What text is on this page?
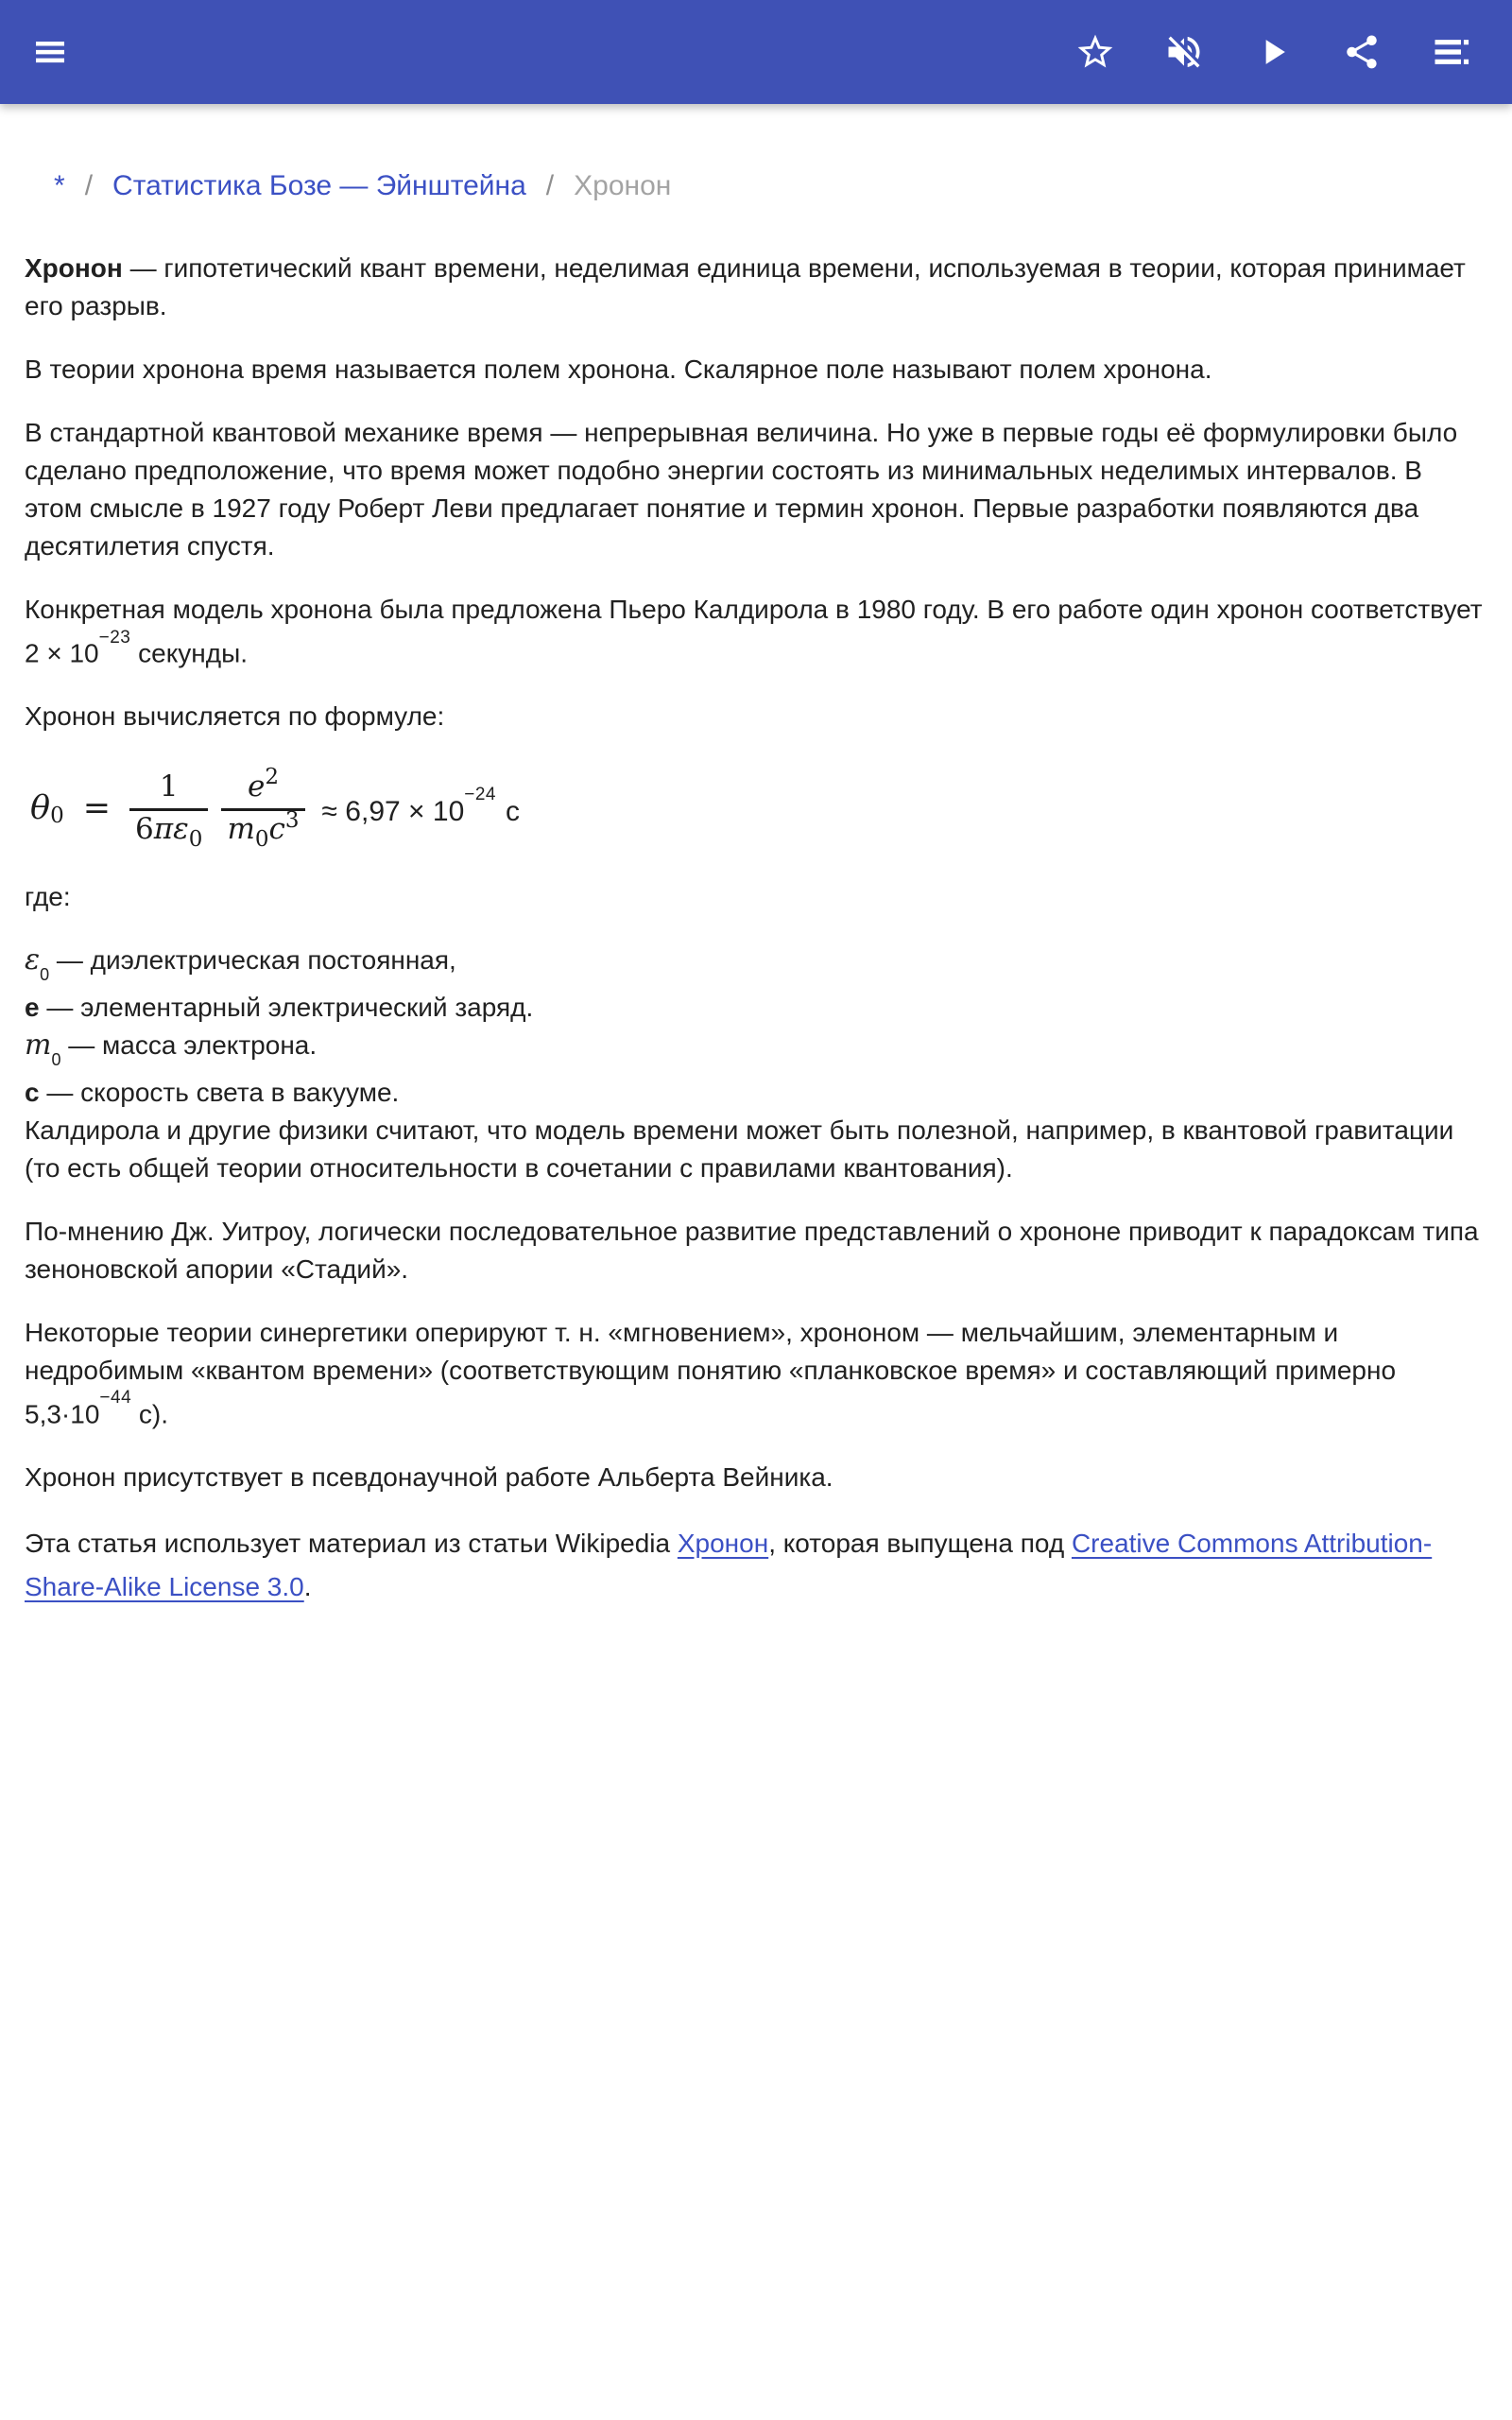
* / Статистика Бозе — Эйнштейна / Хронон

Хронон — гипотетический квант времени, неделимая единица времени, используемая в теории, которая принимает его разрыв.

В теории хронона время называется полем хронона. Скалярное поле называют полем хронона.

В стандартной квантовой механике время — непрерывная величина. Но уже в первые годы её формулировки было сделано предположение, что время может подобно энергии состоять из минимальных неделимых интервалов. В этом смысле в 1927 году Роберт Леви предлагает понятие и термин хронон. Первые разработки появляются два десятилетия спустя.

Конкретная модель хронона была предложена Пьеро Калдирола в 1980 году. В его работе один хронон соответствует $2 \times 10^{-23}$ секунды.

Хронон вычисляется по формуле:

$\theta_0 = \frac{1}{6 \pi\varepsilon_0} \frac{e^2}{m_0 c^3} \approx 6,97 \times 10^{-24}с$

где:

$\varepsilon_0$ — диэлектрическая постоянная,
e — элементарный электрический заряд.
$m_0$ — масса электрона.
c — скорость света в вакууме.
Калдирола и другие физики считают, что модель времени может быть полезной, например, в квантовой гравитации (то есть общей теории относительности в сочетании с правилами квантования).

По-мнению Дж. Уитроу, логически последовательное развитие представлений о хрононе приводит к парадоксам типа зеноновской апории «Стадий».

Некоторые теории синергетики оперируют т. н. «мгновением», хрононом — мельчайшим, элементарным и недробимым «квантом времени» (соответствующим понятию «планковское время» и составляющий примерно $5,3\cdot 10^{-44}$ с).

Хронон присутствует в псевдонаучной работе Альберта Вейника.

Эта статья использует материал из статьи Wikipedia Хронон, которая выпущена под Creative Commons Attribution-Share-Alike License 3.0.
